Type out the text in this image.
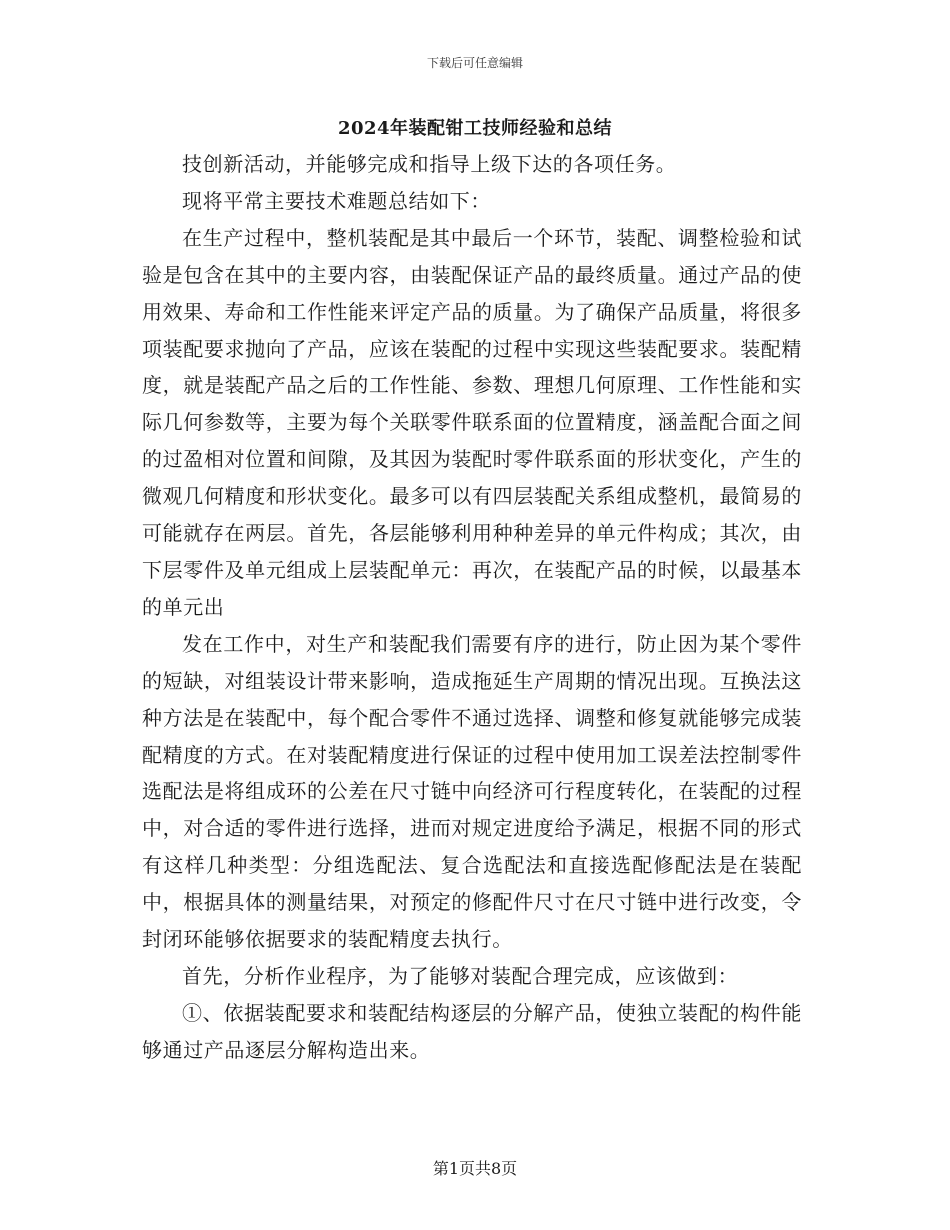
下载后可任意编辑
2024年装配钳工技师经验和总结

技创新活动，并能够完成和指导上级下达的各项任务。

现将平常主要技术难题总结如下：

在生产过程中，整机装配是其中最后一个环节，装配、调整检验和试验是包含在其中的主要内容，由装配保证产品的最终质量。通过产品的使用效果、寿命和工作性能来评定产品的质量。为了确保产品质量，将很多项装配要求抛向了产品，应该在装配的过程中实现这些装配要求。装配精度，就是装配产品之后的工作性能、参数、理想几何原理、工作性能和实际几何参数等，主要为每个关联零件联系面的位置精度，涵盖配合面之间的过盈相对位置和间隙，及其因为装配时零件联系面的形状变化，产生的微观几何精度和形状变化。最多可以有四层装配关系组成整机，最简易的可能就存在两层。首先，各层能够利用种种差异的单元件构成；其次，由下层零件及单元组成上层装配单元：再次，在装配产品的时候，以最基本的单元出

发在工作中，对生产和装配我们需要有序的进行，防止因为某个零件的短缺，对组装设计带来影响，造成拖延生产周期的情况出现。互换法这种方法是在装配中，每个配合零件不通过选择、调整和修复就能够完成装配精度的方式。在对装配精度进行保证的过程中使用加工误差法控制零件选配法是将组成环的公差在尺寸链中向经济可行程度转化，在装配的过程中，对合适的零件进行选择，进而对规定进度给予满足，根据不同的形式有这样几种类型：分组选配法、复合选配法和直接选配修配法是在装配中，根据具体的测量结果，对预定的修配件尺寸在尺寸链中进行改变，令封闭环能够依据要求的装配精度去执行。

首先，分析作业程序，为了能够对装配合理完成，应该做到：

①、依据装配要求和装配结构逐层的分解产品，使独立装配的构件能够通过产品逐层分解构造出来。

第1页共8页
